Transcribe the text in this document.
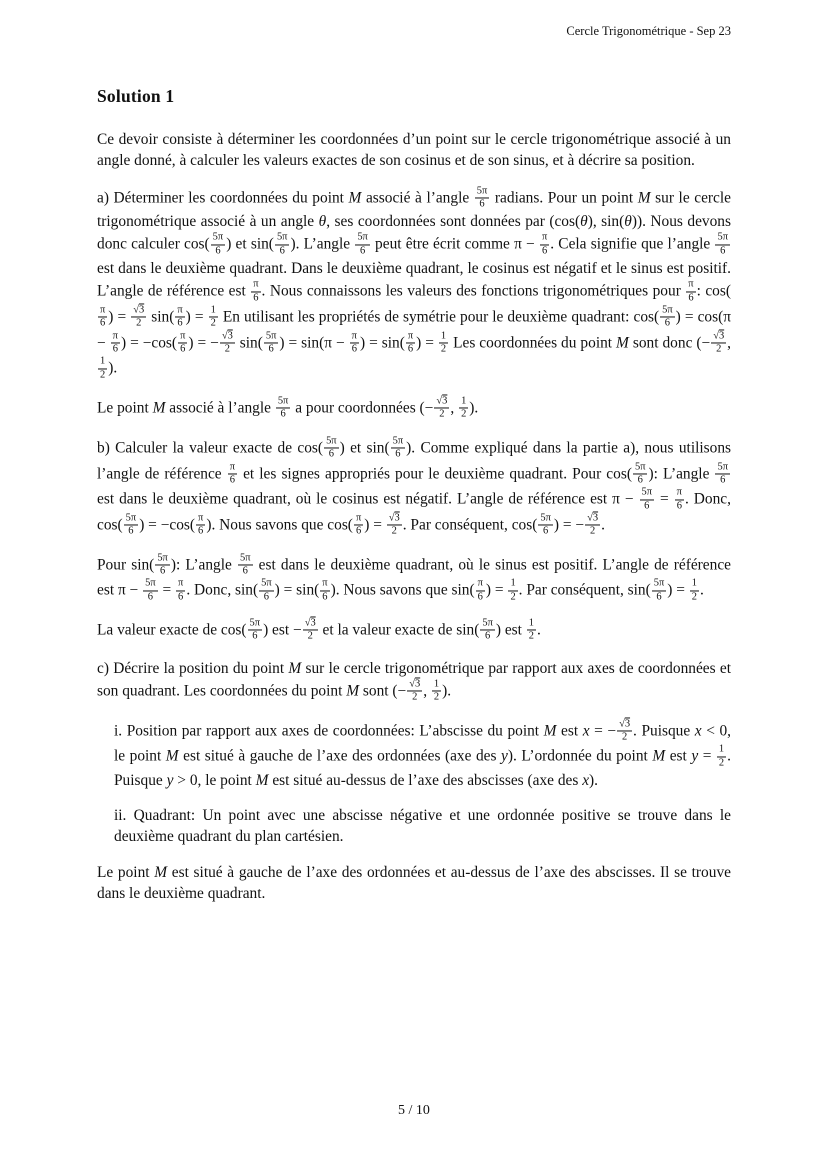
Cercle Trigonométrique - Sep 23
Solution 1

Ce devoir consiste à déterminer les coordonnées d’un point sur le cercle trigonométrique associé à un angle donné, à calculer les valeurs exactes de son cosinus et de son sinus, et à décrire sa position.

a) Déterminer les coordonnées du point M associé à l’angle $\frac{5\pi}{6}$ radians. Pour un point M sur le cercle trigonométrique associé à un angle θ, ses coordonnées sont données par (cos(θ), sin(θ)). Nous devons donc calculer $\cos( \frac{5\pi}{6}$ ) et $\sin( \frac{5\pi}{6}$ ). L’angle $\frac{5\pi}{6}$ peut être écrit comme $\pi - \frac{\pi}{6}$ . Cela signifie que l’angle $\frac{5\pi}{6}$
est dans le deuxième quadrant. Dans le deuxième quadrant, le cosinus est négatif et le sinus est positif. L’angle de référence est $\frac{\pi}{6}$ . Nous connaissons les valeurs des fonctions trigonométriques pour $\frac{\pi}{6}$ : cos(
$\frac{\pi}{6}$ ) = $\frac{√3}{2} \sin( \frac{\pi}{6}$ ) = $\frac{1}{2}$ En utilisant les propriétés de symétrie pour le deuxième quadrant: $\cos( \frac{5\pi}{6}$ ) = $\cos(\pi - \frac{\pi}{6}$ ) = $-\cos( \frac{\pi}{6}$ ) = − $\frac{√3}{2} \sin( \frac{5\pi}{6}$ ) = $\sin(\pi - \frac{\pi}{6}$ ) = $\sin( \frac{\pi}{6}$ ) = $\frac{1}{2}$ Les coordonnées du point M sont donc (− $\frac{√3}{2}$ ,
$\frac{1}{2}$ ).

Le point M associé à l’angle $\frac{5\pi}{6}$ a pour coordonnées (− $\frac{√3}{2}$ , $\frac{1}{2}$ ).

b) Calculer la valeur exacte de $\cos( \frac{5\pi}{6}$ ) et $\sin( \frac{5\pi}{6}$ ). Comme expliqué dans la partie a), nous utilisons l’angle de référence $\frac{\pi}{6}$ et les signes appropriés pour le deuxième quadrant. Pour $\cos( \frac{5\pi}{6}$ ): L’angle $\frac{5\pi}{6}$
est dans le deuxième quadrant, où le cosinus est négatif. L’angle de référence est $\pi - \frac{5\pi}{6} = \frac{\pi}{6}$ . Donc, $\cos( \frac{5\pi}{6}$ ) = $-\cos( \frac{\pi}{6}$ ). Nous savons que $\cos( \frac{\pi}{6}$ ) = $\frac{√3}{2}$ . Par conséquent, $\cos( \frac{5\pi}{6}$ ) = − $\frac{√3}{2}$ .

Pour $\sin( \frac{5\pi}{6}$ ): L’angle $\frac{5\pi}{6}$ est dans le deuxième quadrant, où le sinus est positif. L’angle de référence est $\pi - \frac{5\pi}{6} = \frac{\pi}{6}$ . Donc, $\sin( \frac{5\pi}{6}$ ) = $\sin( \frac{\pi}{6}$ ). Nous savons que $\sin( \frac{\pi}{6}$ ) = $\frac{1}{2}$ . Par conséquent, $\sin( \frac{5\pi}{6}$ ) = $\frac{1}{2}$ .

La valeur exacte de $\cos( \frac{5\pi}{6}$ ) est − $\frac{√3}{2}$ et la valeur exacte de $\sin( \frac{5\pi}{6}$ ) est $\frac{1}{2}$ .

c) Décrire la position du point M sur le cercle trigonométrique par rapport aux axes de coordonnées et son quadrant. Les coordonnées du point M sont (− $\frac{√3}{2}$ , $\frac{1}{2}$ ).

i. Position par rapport aux axes de coordonnées: L’abscisse du point M est x = − $\frac{√3}{2}$ . Puisque x < 0, le point M est situé à gauche de l’axe des ordonnées (axe des y). L’ordonnée du point M est $y = \frac{1}{2}$ . Puisque y > 0, le point M est situé au-dessus de l’axe des abscisses (axe des x).

ii. Quadrant: Un point avec une abscisse négative et une ordonnée positive se trouve dans le deuxième quadrant du plan cartésien.

Le point M est situé à gauche de l’axe des ordonnées et au-dessus de l’axe des abscisses. Il se trouve dans le deuxième quadrant.

5 / 10
